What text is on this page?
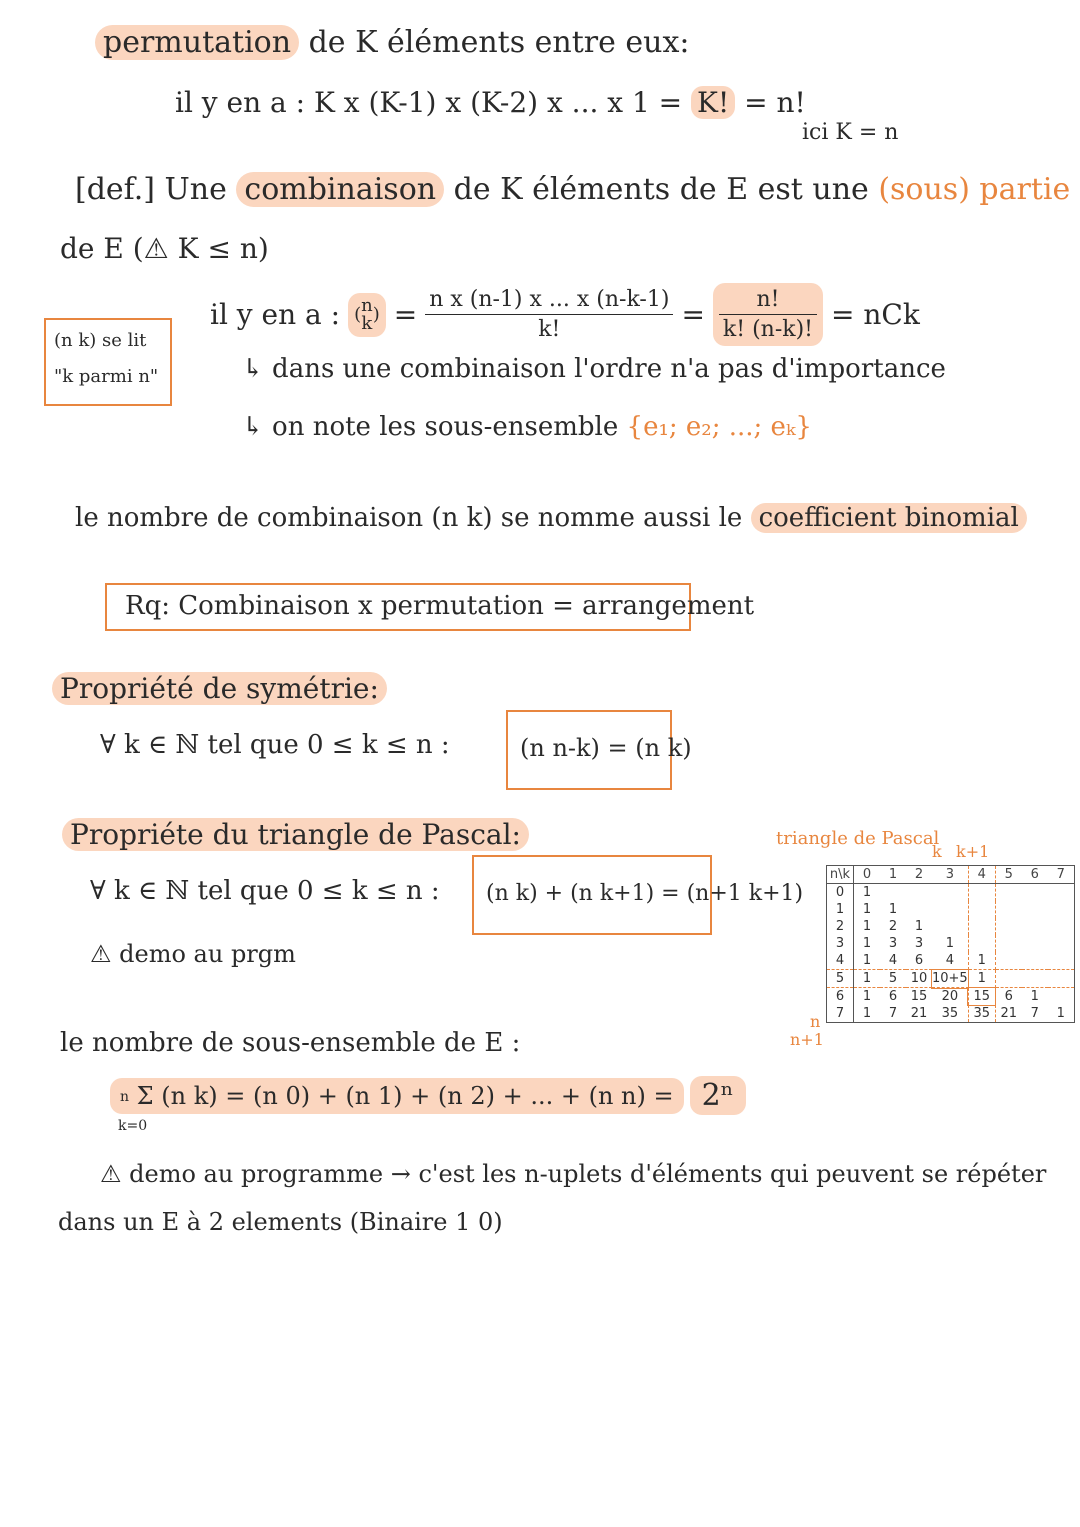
permutation de K éléments entre eux:
il y en a : K x (K-1) x (K-2) x ... x 1 = K! = n!
ici K = n
[def.] Une combinaison de K éléments de E est une (sous) partie
de E (⚠ K ≤ n)
(n k) se lit
"k parmi n"
il y en a : ( n
k ) = $\frac{\text{n x (n-1) x ... x (n-k-1)}}{k!} = \frac{n!}{k! (n-k)!}$ = nCk
↳ dans une combinaison l'ordre n'a pas d'importance
↳ on note les sous-ensemble {e₁; e₂; ...; eₖ}
le nombre de combinaison (n k) se nomme aussi le coefficient binomial
Rq: Combinaison x permutation = arrangement
Propriété de symétrie:
∀ k ∈ ℕ tel que 0 ≤ k ≤ n :	(n n-k) = (n k)
Propriéte du triangle de Pascal:
∀ k ∈ ℕ tel que 0 ≤ k ≤ n : (n k) + (n k+1) = (n+1 k+1)
⚠ demo au prgm
triangle de Pascal
k k+1
n\k	0	1	2	3	4	5	6	7
0	1							
1	1	1						
2	1	2	1					
3	1	3	3	1				
4	1	4	6	4	1			
5	1	5	10	10+5	1			
6	1	6	15	20	15	6	1	
7	1	7	21	35	35	21	7	1
n
n+1
le nombre de sous-ensemble de E :
n Σ (n k) = (n 0) + (n 1) + (n 2) + ... + (n n) = 2ⁿ
k=0
⚠ demo au programme → c'est les n-uplets d'éléments qui peuvent se répéter
dans un E à 2 elements (Binaire 1 0)
